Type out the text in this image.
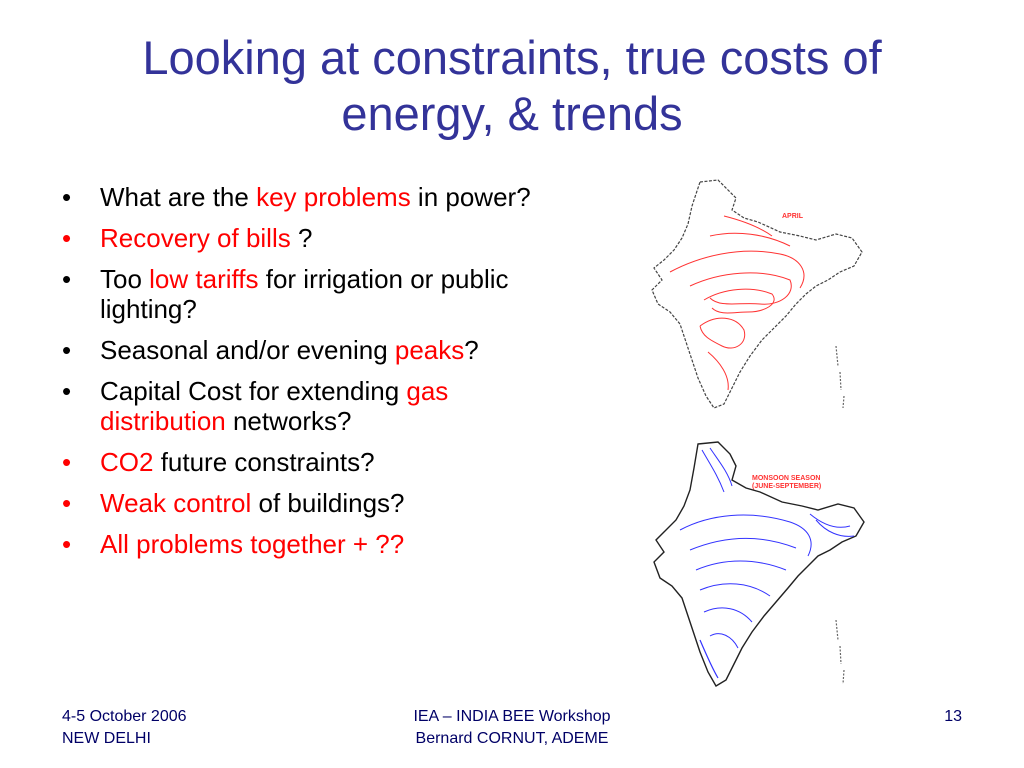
Looking at constraints, true costs of
energy, & trends
• What are the key problems in power?
• Recovery of bills ?
• Too low tariffs for irrigation or public lighting?
• Seasonal and/or evening peaks?
• Capital Cost for extending gas distribution networks?
• CO2 future constraints?
• Weak control of buildings?
• All problems together + ??
APRIL
MONSOON SEASON
(JUNE-SEPTEMBER)
4-5 October 2006
NEW DELHI
IEA – INDIA BEE Workshop
Bernard CORNUT, ADEME
13
